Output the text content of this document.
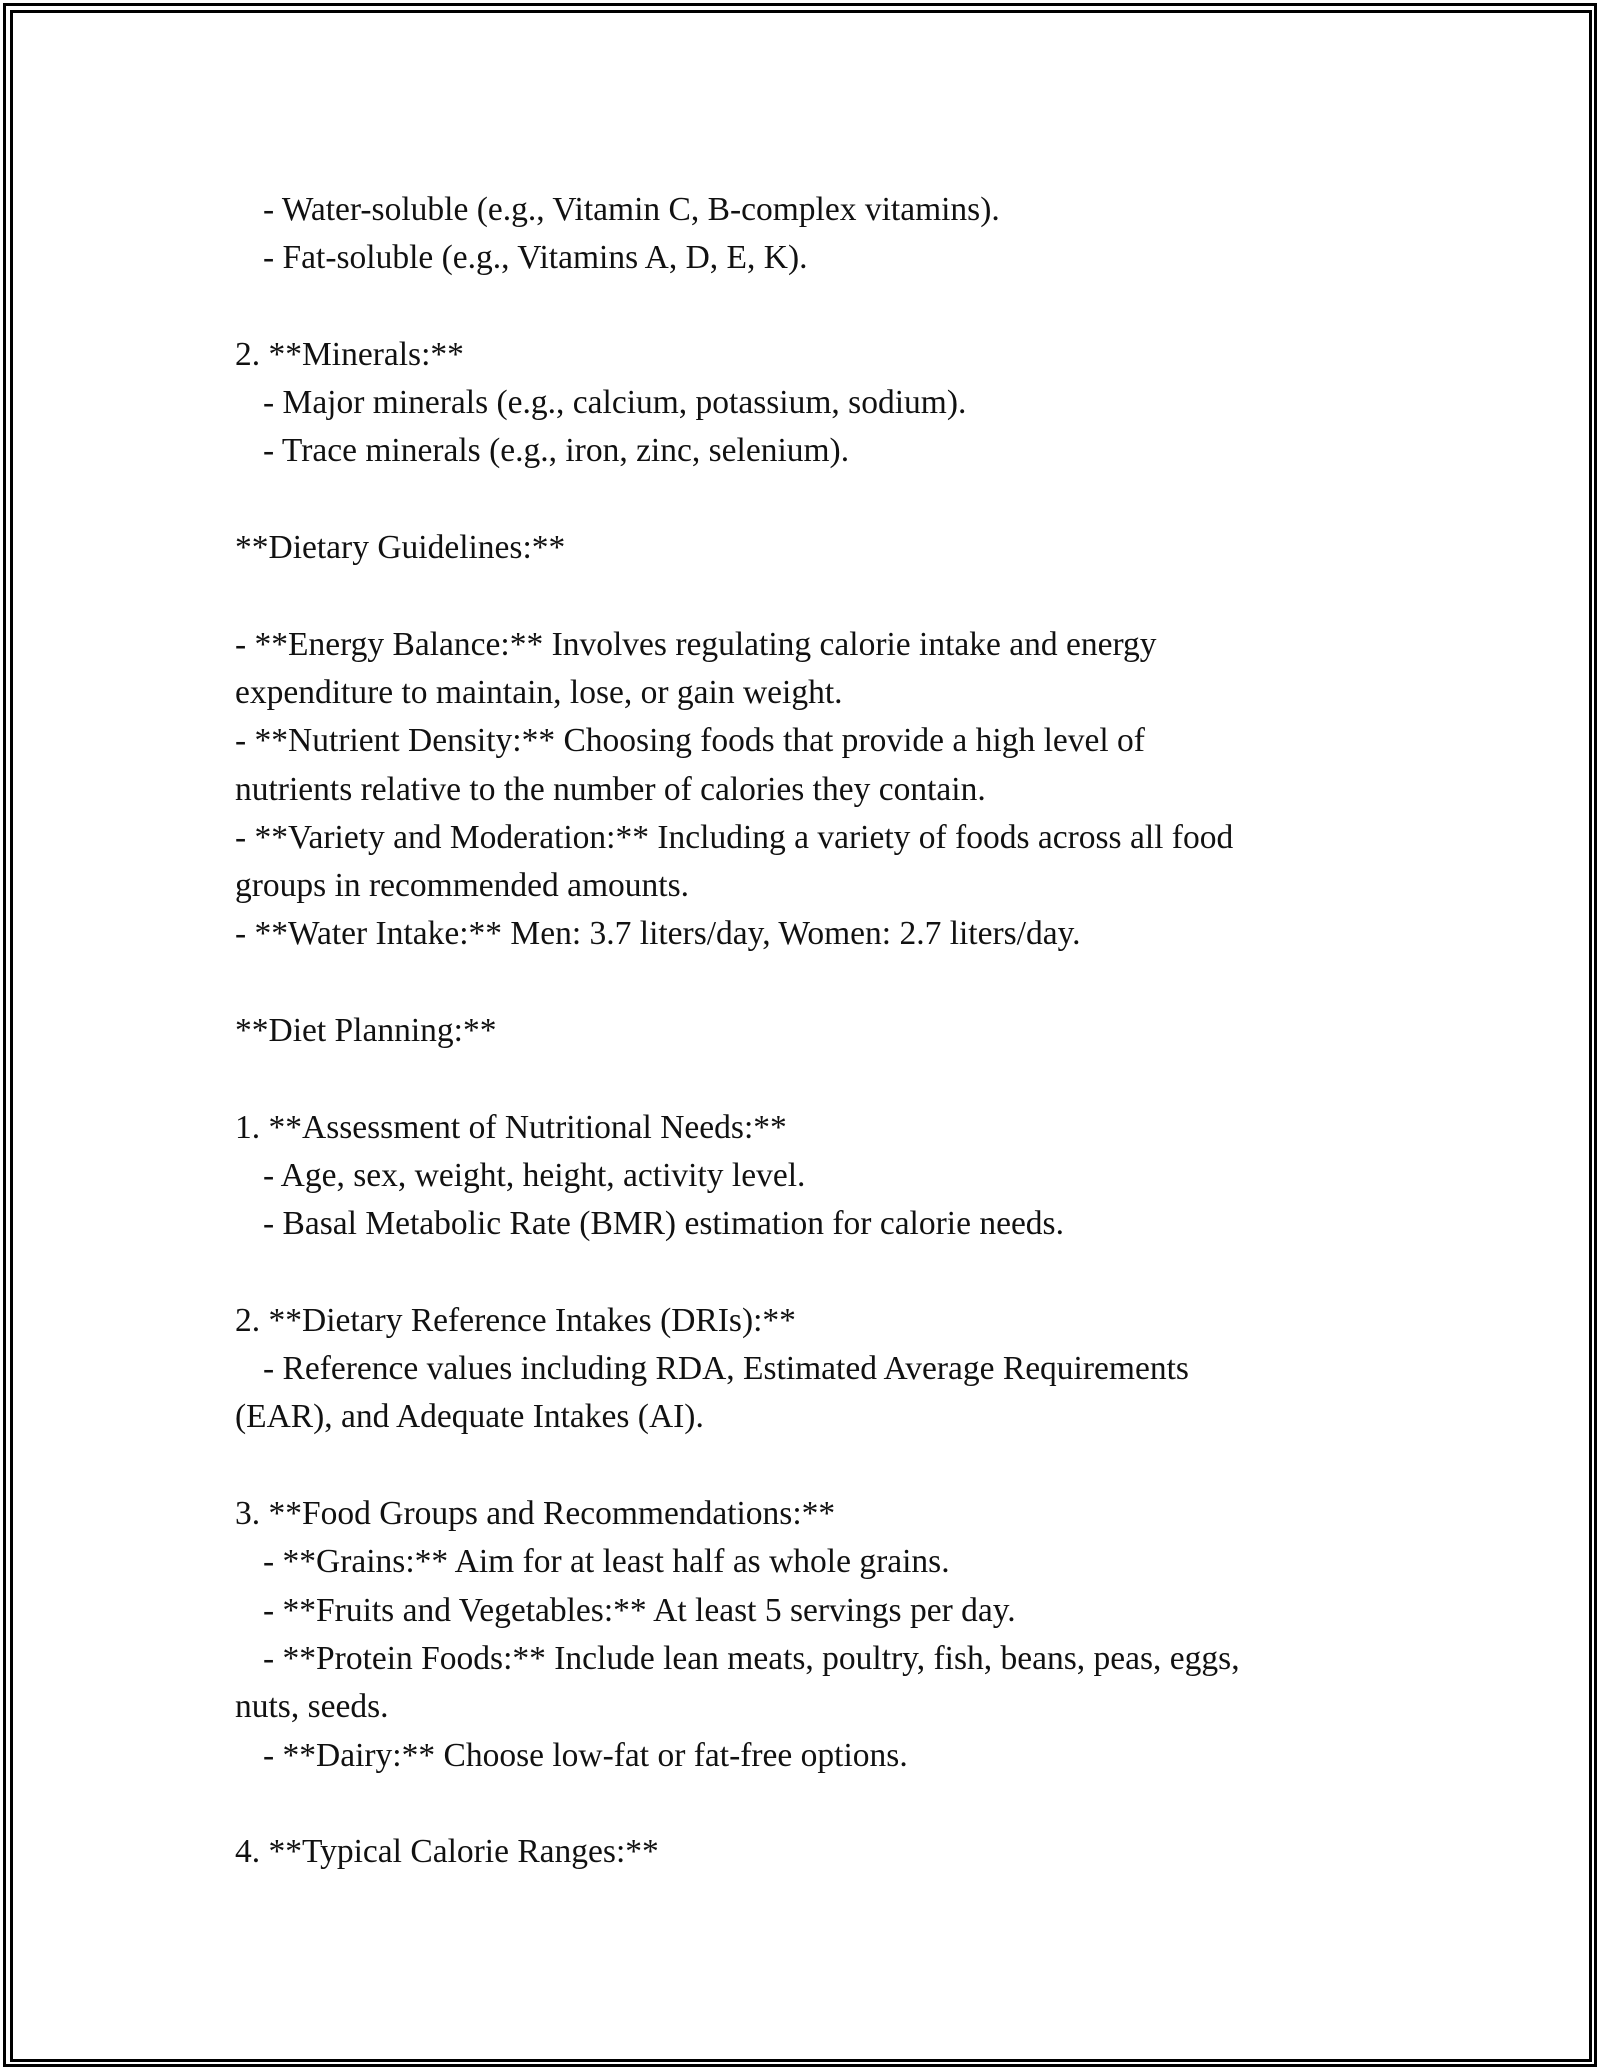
- Water-soluble (e.g., Vitamin C, B-complex vitamins).
- Fat-soluble (e.g., Vitamins A, D, E, K).
2. **Minerals:**
- Major minerals (e.g., calcium, potassium, sodium).
- Trace minerals (e.g., iron, zinc, selenium).
**Dietary Guidelines:**
- **Energy Balance:** Involves regulating calorie intake and energy
expenditure to maintain, lose, or gain weight.
- **Nutrient Density:** Choosing foods that provide a high level of
nutrients relative to the number of calories they contain.
- **Variety and Moderation:** Including a variety of foods across all food
groups in recommended amounts.
- **Water Intake:** Men: 3.7 liters/day, Women: 2.7 liters/day.
**Diet Planning:**
1. **Assessment of Nutritional Needs:**
- Age, sex, weight, height, activity level.
- Basal Metabolic Rate (BMR) estimation for calorie needs.
2. **Dietary Reference Intakes (DRIs):**
- Reference values including RDA, Estimated Average Requirements
(EAR), and Adequate Intakes (AI).
3. **Food Groups and Recommendations:**
- **Grains:** Aim for at least half as whole grains.
- **Fruits and Vegetables:** At least 5 servings per day.
- **Protein Foods:** Include lean meats, poultry, fish, beans, peas, eggs,
nuts, seeds.
- **Dairy:** Choose low-fat or fat-free options.
4. **Typical Calorie Ranges:**
